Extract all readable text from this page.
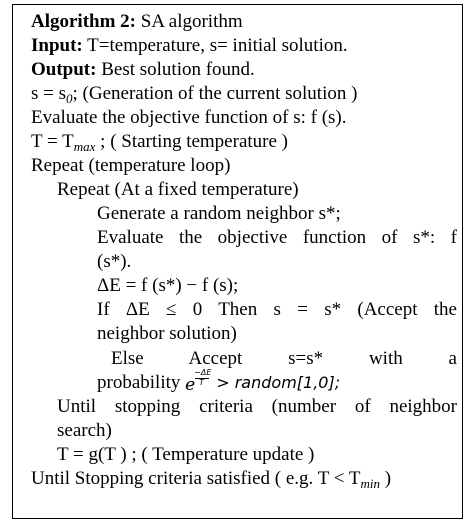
Algorithm 2: SA algorithm
Input: T=temperature, s= initial solution.
Output: Best solution found.
$s = s_0$; (Generation of the current solution )
Evaluate the objective function of s: f (s).
$T = T_{max}$ ; ( Starting temperature )
Repeat (temperature loop)
Repeat (At a fixed temperature)
Generate a random neighbor s*;
Evaluate the objective function of s*: f
(s*).
ΔE = f (s*) − f (s);
If ΔE ≤ 0 Then s = s* (Accept the
neighbor solution)
Else Accept s=s* with a
probability e
−ΔE
T > random[1,0];
Until stopping criteria (number of neighbor
search)
T = g(T ) ; ( Temperature update )
Until Stopping criteria satisfied ( e.g. $T < T_{min}$ )
